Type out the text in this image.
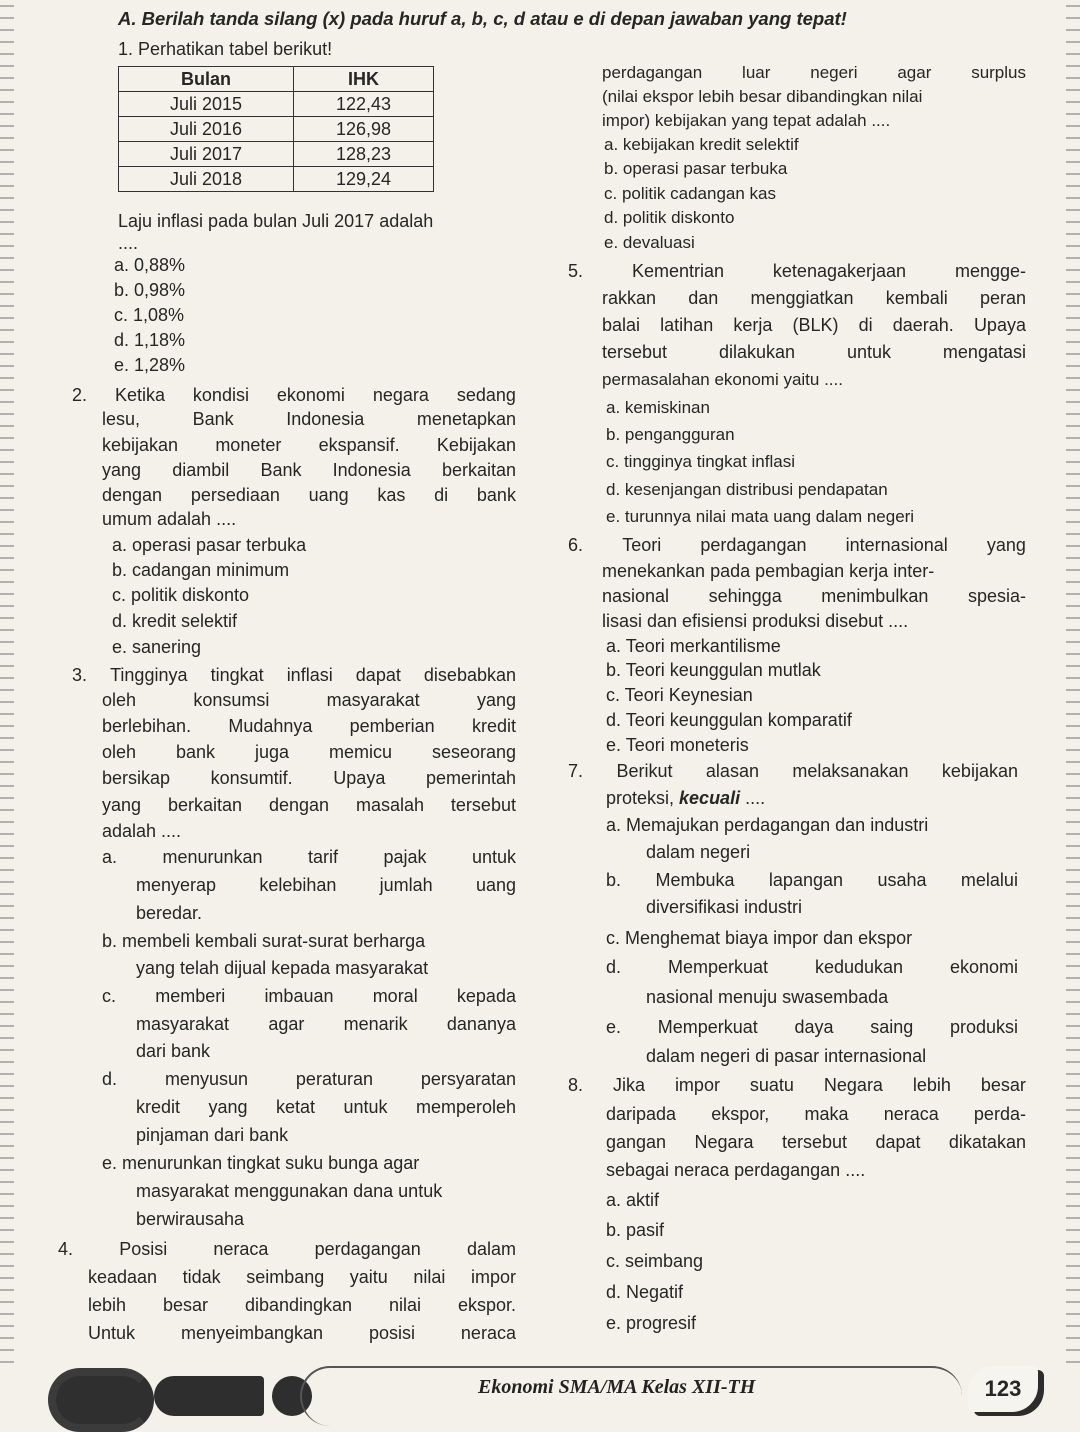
A. Berilah tanda silang (x) pada huruf a, b, c, d atau e di depan jawaban yang tepat!
1. Perhatikan tabel berikut!
Bulan	IHK
Juli 2015	122,43
Juli 2016	126,98
Juli 2017	128,23
Juli 2018	129,24
Laju inflasi pada bulan Juli 2017 adalah
....
a. 0,88%
b. 0,98%
c. 1,08%
d. 1,18%
e. 1,28%
2. Ketika kondisi ekonomi negara sedang
lesu,	Bank	Indonesia	menetapkan
kebijakan moneter ekspansif. Kebijakan
yang diambil Bank Indonesia berkaitan
dengan persediaan uang kas di bank
umum adalah ....
a. operasi pasar terbuka
b. cadangan minimum
c. politik diskonto
d. kredit selektif
e. sanering
3. Tingginya tingkat inflasi dapat disebabkan
oleh	konsumsi	masyarakat	yang
berlebihan. Mudahnya pemberian kredit
oleh bank juga memicu seseorang
bersikap konsumtif. Upaya pemerintah
yang berkaitan dengan masalah tersebut
adalah ....
a.	menurunkan	tarif	pajak	untuk
menyerap kelebihan jumlah uang
beredar.
b. membeli kembali surat-surat berharga
yang telah dijual kepada masyarakat
c. memberi imbauan moral kepada
masyarakat agar menarik dananya
dari bank
d.	menyusun	peraturan	persyaratan
kredit yang ketat untuk memperoleh
pinjaman dari bank
e. menurunkan tingkat suku bunga agar
masyarakat menggunakan dana untuk
berwirausaha
4.	Posisi	neraca	perdagangan	dalam
keadaan tidak seimbang yaitu nilai impor
lebih besar dibandingkan nilai ekspor.
Untuk	menyeimbangkan	posisi	neraca
perdagangan luar negeri agar surplus
(nilai ekspor lebih besar dibandingkan nilai
impor) kebijakan yang tepat adalah ....
a. kebijakan kredit selektif
b. operasi pasar terbuka
c. politik cadangan kas
d. politik diskonto
e. devaluasi
5.	Kementrian	ketenagakerjaan	mengge-
rakkan dan menggiatkan kembali peran
balai latihan kerja (BLK) di daerah. Upaya
tersebut	dilakukan	untuk	mengatasi
permasalahan ekonomi yaitu ....
a. kemiskinan
b. pengangguran
c. tingginya tingkat inflasi
d. kesenjangan distribusi pendapatan
e. turunnya nilai mata uang dalam negeri
6. Teori perdagangan internasional yang
menekankan pada pembagian kerja inter-
nasional sehingga menimbulkan spesia-
lisasi dan efisiensi produksi disebut ....
a. Teori merkantilisme
b. Teori keunggulan mutlak
c. Teori Keynesian
d. Teori keunggulan komparatif
e. Teori moneteris
7. Berikut alasan melaksanakan kebijakan
proteksi, kecuali ....
a. Memajukan perdagangan dan industri
dalam negeri
b. Membuka lapangan usaha melalui
diversifikasi industri
c. Menghemat biaya impor dan ekspor
d.	Memperkuat	kedudukan	ekonomi
nasional menuju swasembada
e. Memperkuat daya saing produksi
dalam negeri di pasar internasional
8. Jika impor suatu Negara lebih besar
daripada ekspor, maka neraca perda-
gangan Negara tersebut dapat dikatakan
sebagai neraca perdagangan ....
a. aktif
b. pasif
c. seimbang
d. Negatif
e. progresif
Ekonomi SMA/MA Kelas XII-TH	123
